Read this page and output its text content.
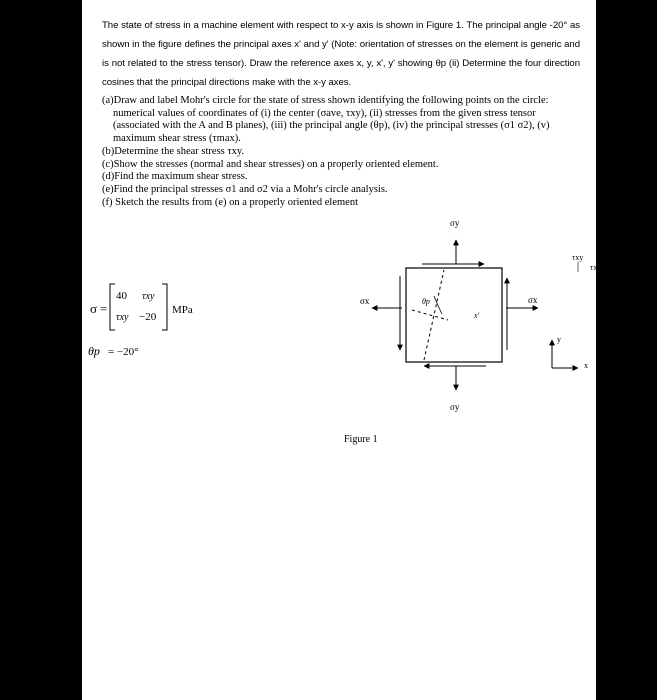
The state of stress in a machine element with respect to x-y axis is shown in Figure 1. The principal angle -20° as shown in the figure defines the principal axes x' and y' (Note: orientation of stresses on the element is generic and is not related to the stress tensor). Draw the reference axes x, y, x', y' showing θp (ii) Determine the four direction cosines that the principal directions make with the x-y axes.

(a)Draw and label Mohr's circle for the state of stress shown identifying the following points on the circle: numerical values of coordinates of (i) the center (σave, τxy), (ii) stresses from the given stress tensor (associated with the A and B planes), (iii) the principal angle (θp), (iv) the principal stresses (σ1 σ2), (v) maximum shear stress (τmax).

(b)Determine the shear stress τxy.

(c)Show the stresses (normal and shear stresses) on a properly oriented element.

(d)Find the maximum shear stress.

(e)Find the principal stresses σ1 and σ2 via a Mohr's circle analysis.

(f) Sketch the results from (e) on a properly oriented element

σ =
40 τxy
τxy −20
MPa
θp = −20°
σy
σy
σx	σx
τxy
τxy
θp
x'
y
x
Figure 1
